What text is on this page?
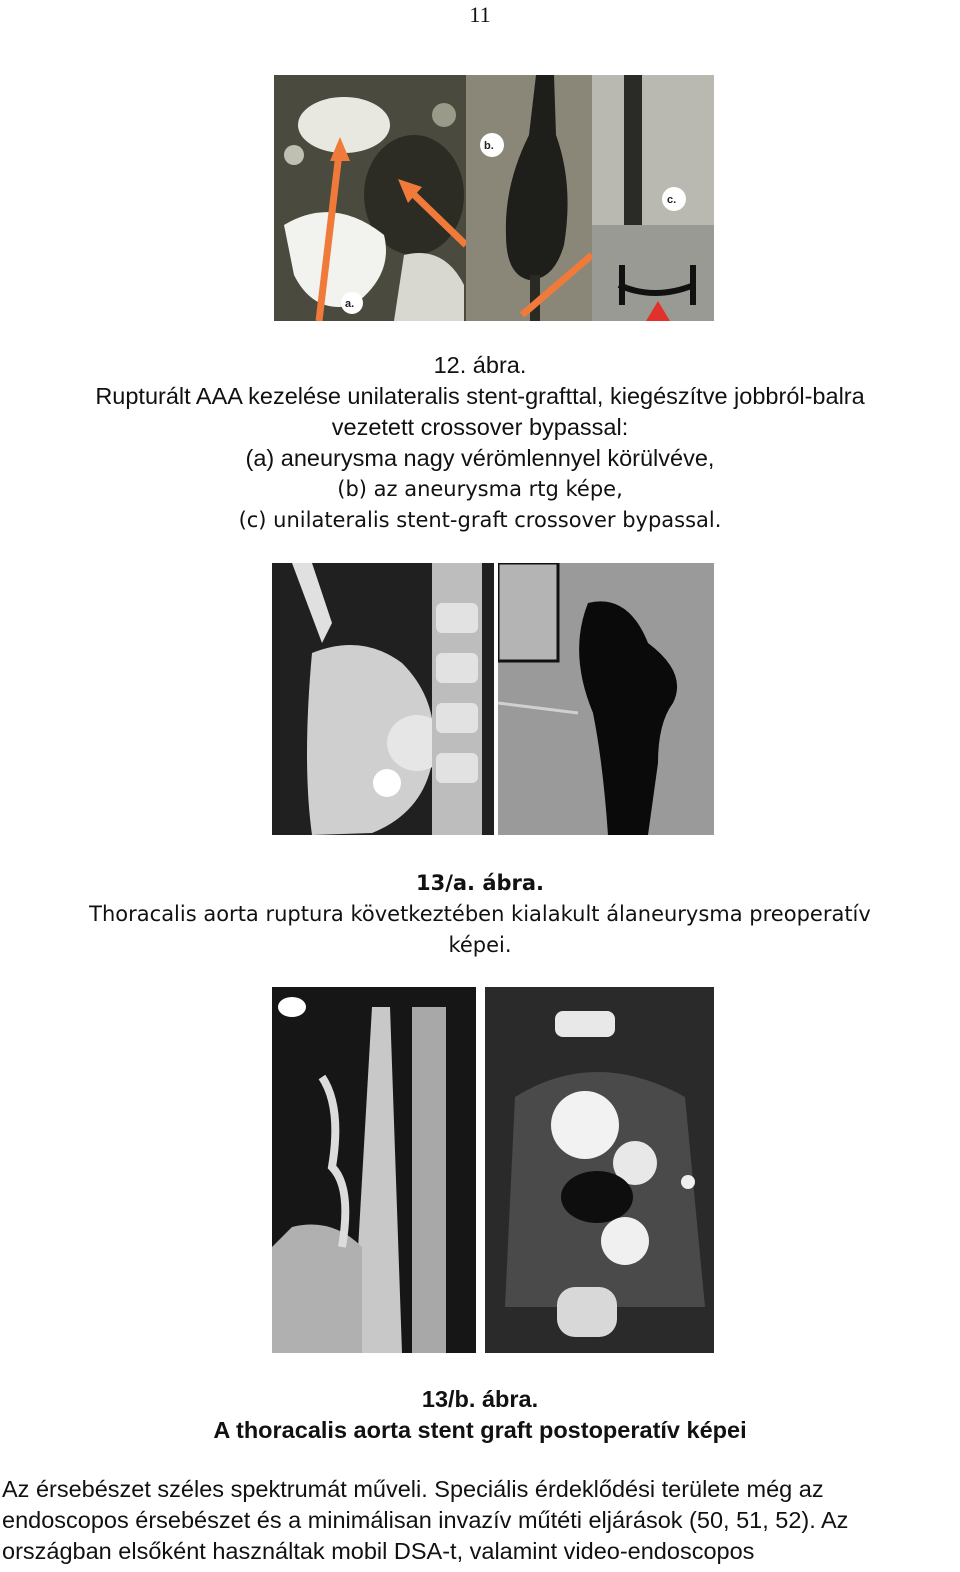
11
a.
b.
c.
12. ábra.
Rupturált AAA kezelése unilateralis stent-grafttal, kiegészítve jobbról-balra
vezetett crossover bypassal:
(a) aneurysma nagy vérömlennyel körülvéve,
(b) az aneurysma rtg képe,
(c) unilateralis stent-graft crossover bypassal.
13/a. ábra.
Thoracalis aorta ruptura következtében kialakult álaneurysma preoperatív
képei.
13/b. ábra.
A thoracalis aorta stent graft postoperatív képei
Az érsebészet széles spektrumát műveli. Speciális érdeklődési területe még az
endoscopos érsebészet és a minimálisan invazív műtéti eljárások (50, 51, 52). Az
országban elsőként használtak mobil DSA-t, valamint video-endoscopos
